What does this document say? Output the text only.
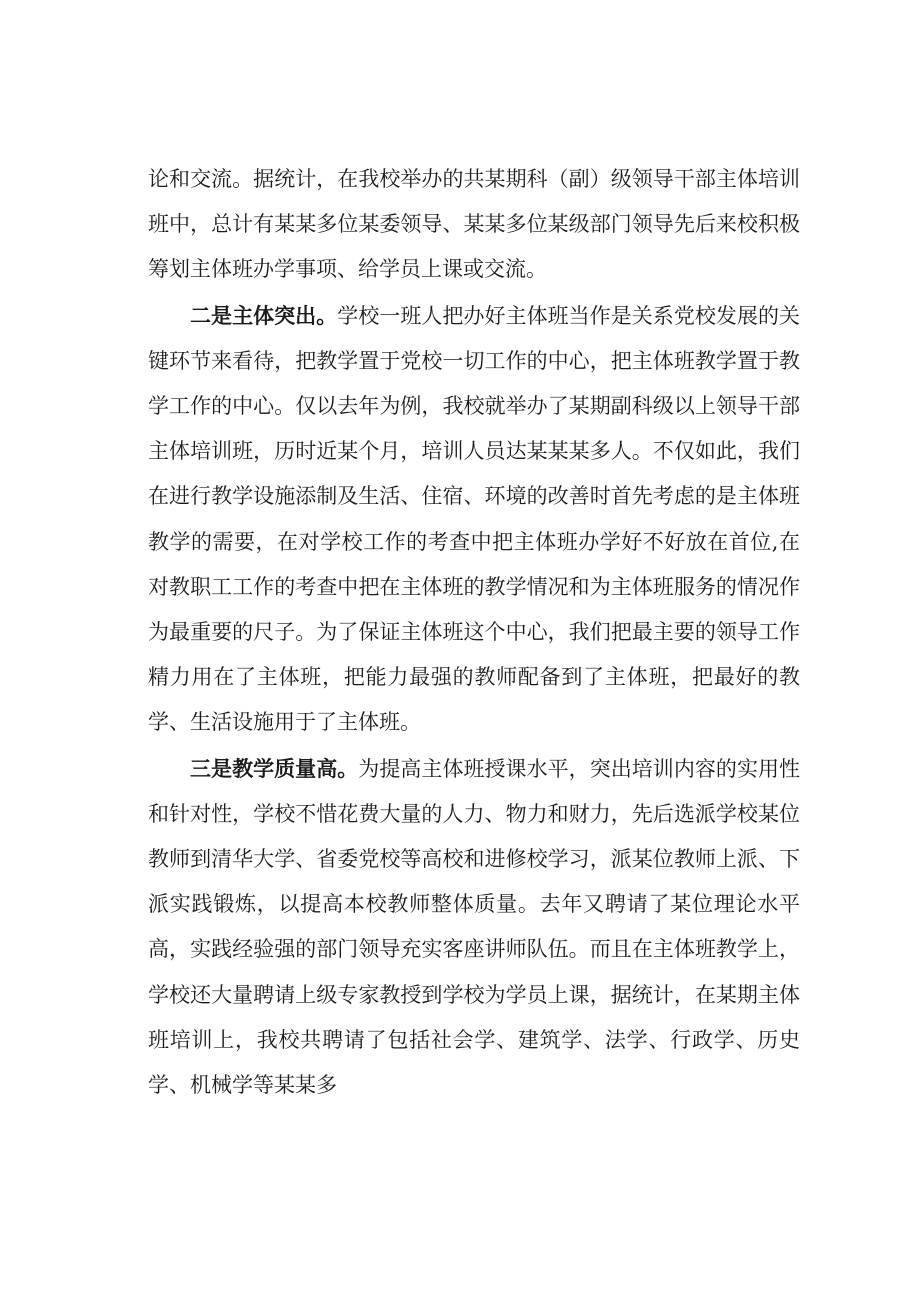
论和交流。据统计，在我校举办的共某期科（副）级领导干部主体培训班中，总计有某某多位某委领导、某某多位某级部门领导先后来校积极筹划主体班办学事项、给学员上课或交流。

二是主体突出。学校一班人把办好主体班当作是关系党校发展的关键环节来看待，把教学置于党校一切工作的中心，把主体班教学置于教学工作的中心。仅以去年为例，我校就举办了某期副科级以上领导干部主体培训班，历时近某个月，培训人员达某某某多人。不仅如此，我们在进行教学设施添制及生活、住宿、环境的改善时首先考虑的是主体班教学的需要，在对学校工作的考查中把主体班办学好不好放在首位,在对教职工工作的考查中把在主体班的教学情况和为主体班服务的情况作为最重要的尺子。为了保证主体班这个中心，我们把最主要的领导工作精力用在了主体班，把能力最强的教师配备到了主体班，把最好的教学、生活设施用于了主体班。

三是教学质量高。为提高主体班授课水平，突出培训内容的实用性和针对性，学校不惜花费大量的人力、物力和财力，先后选派学校某位教师到清华大学、省委党校等高校和进修校学习，派某位教师上派、下派实践锻炼，以提高本校教师整体质量。去年又聘请了某位理论水平高，实践经验强的部门领导充实客座讲师队伍。而且在主体班教学上，学校还大量聘请上级专家教授到学校为学员上课，据统计，在某期主体班培训上，我校共聘请了包括社会学、建筑学、法学、行政学、历史学、机械学等某某多
